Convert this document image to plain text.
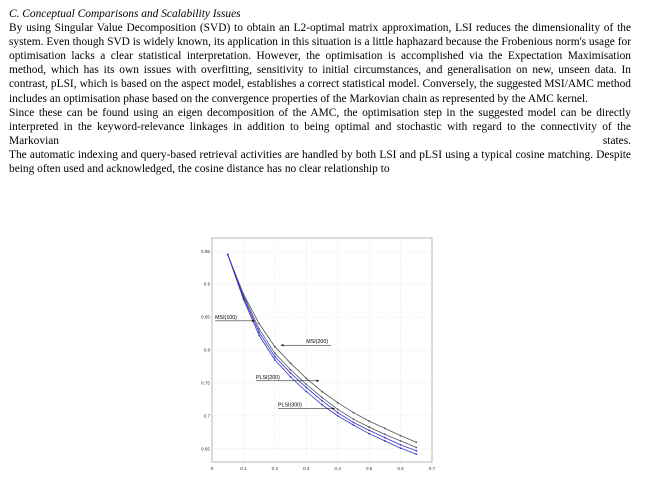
C. Conceptual Comparisons and Scalability Issues

By using Singular Value Decomposition (SVD) to obtain an L2-optimal matrix approximation, LSI reduces the dimensionality of the system. Even though SVD is widely known, its application in this situation is a little haphazard because the Frobenious norm's usage for optimisation lacks a clear statistical interpretation. However, the optimisation is accomplished via the Expectation Maximisation method, which has its own issues with overfitting, sensitivity to initial circumstances, and generalisation on new, unseen data. In contrast, pLSI, which is based on the aspect model, establishes a correct statistical model. Conversely, the suggested MSI/AMC method includes an optimisation phase based on the convergence properties of the Markovian chain as represented by the AMC kernel.

Since these can be found using an eigen decomposition of the AMC, the optimisation step in the suggested model can be directly interpreted in the keyword-relevance linkages in addition to being optimal and stochastic with regard to the connectivity of the Markovian states.

The automatic indexing and query-based retrieval activities are handled by both LSI and pLSI using a typical cosine matching. Despite being often used and acknowledged, the cosine distance has no clear relationship to

0	0.1	0.2	0.3	0.4	0.5	0.6	0.7
0.95
0.9
0.85
0.8
0.75
0.7
0.65
MSI(100)
MSI(200)
PLSI(200)
PLSI(300)
